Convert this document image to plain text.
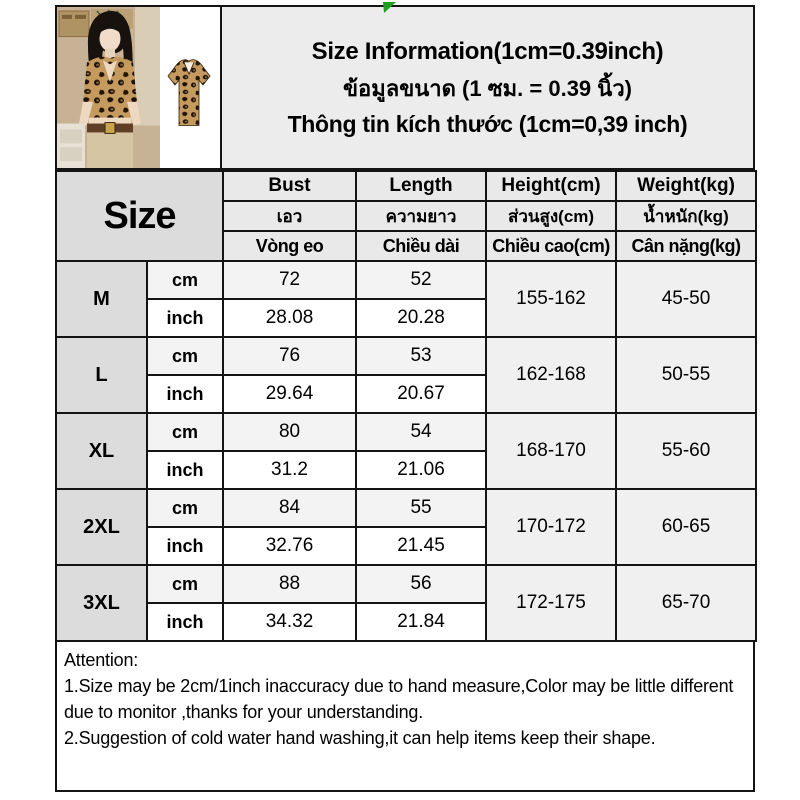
Size Information(1cm=0.39inch)
ข้อมูลขนาด (1 ซม. = 0.39 นิ้ว)
Thông tin kích thước (1cm=0,39 inch)
Size		Bust	Length	Height(cm)	Weight(kg)
		เอว	ความยาว	ส่วนสูง(cm)	น้ำหนัก(kg)
		Vòng eo	Chiều dài	Chiều cao(cm)	Cân nặng(kg)
M	cm	72	52	155-162	45-50
	inch	28.08	20.28		
L	cm	76	53	162-168	50-55
	inch	29.64	20.67		
XL	cm	80	54	168-170	55-60
	inch	31.2	21.06		
2XL	cm	84	55	170-172	60-65
	inch	32.76	21.45		
3XL	cm	88	56	172-175	65-70
	inch	34.32	21.84		
Attention:
1.Size may be 2cm/1inch inaccuracy due to hand measure,Color may be little different due to monitor ,thanks for your understanding.
2.Suggestion of cold water hand washing,it can help items keep their shape.
